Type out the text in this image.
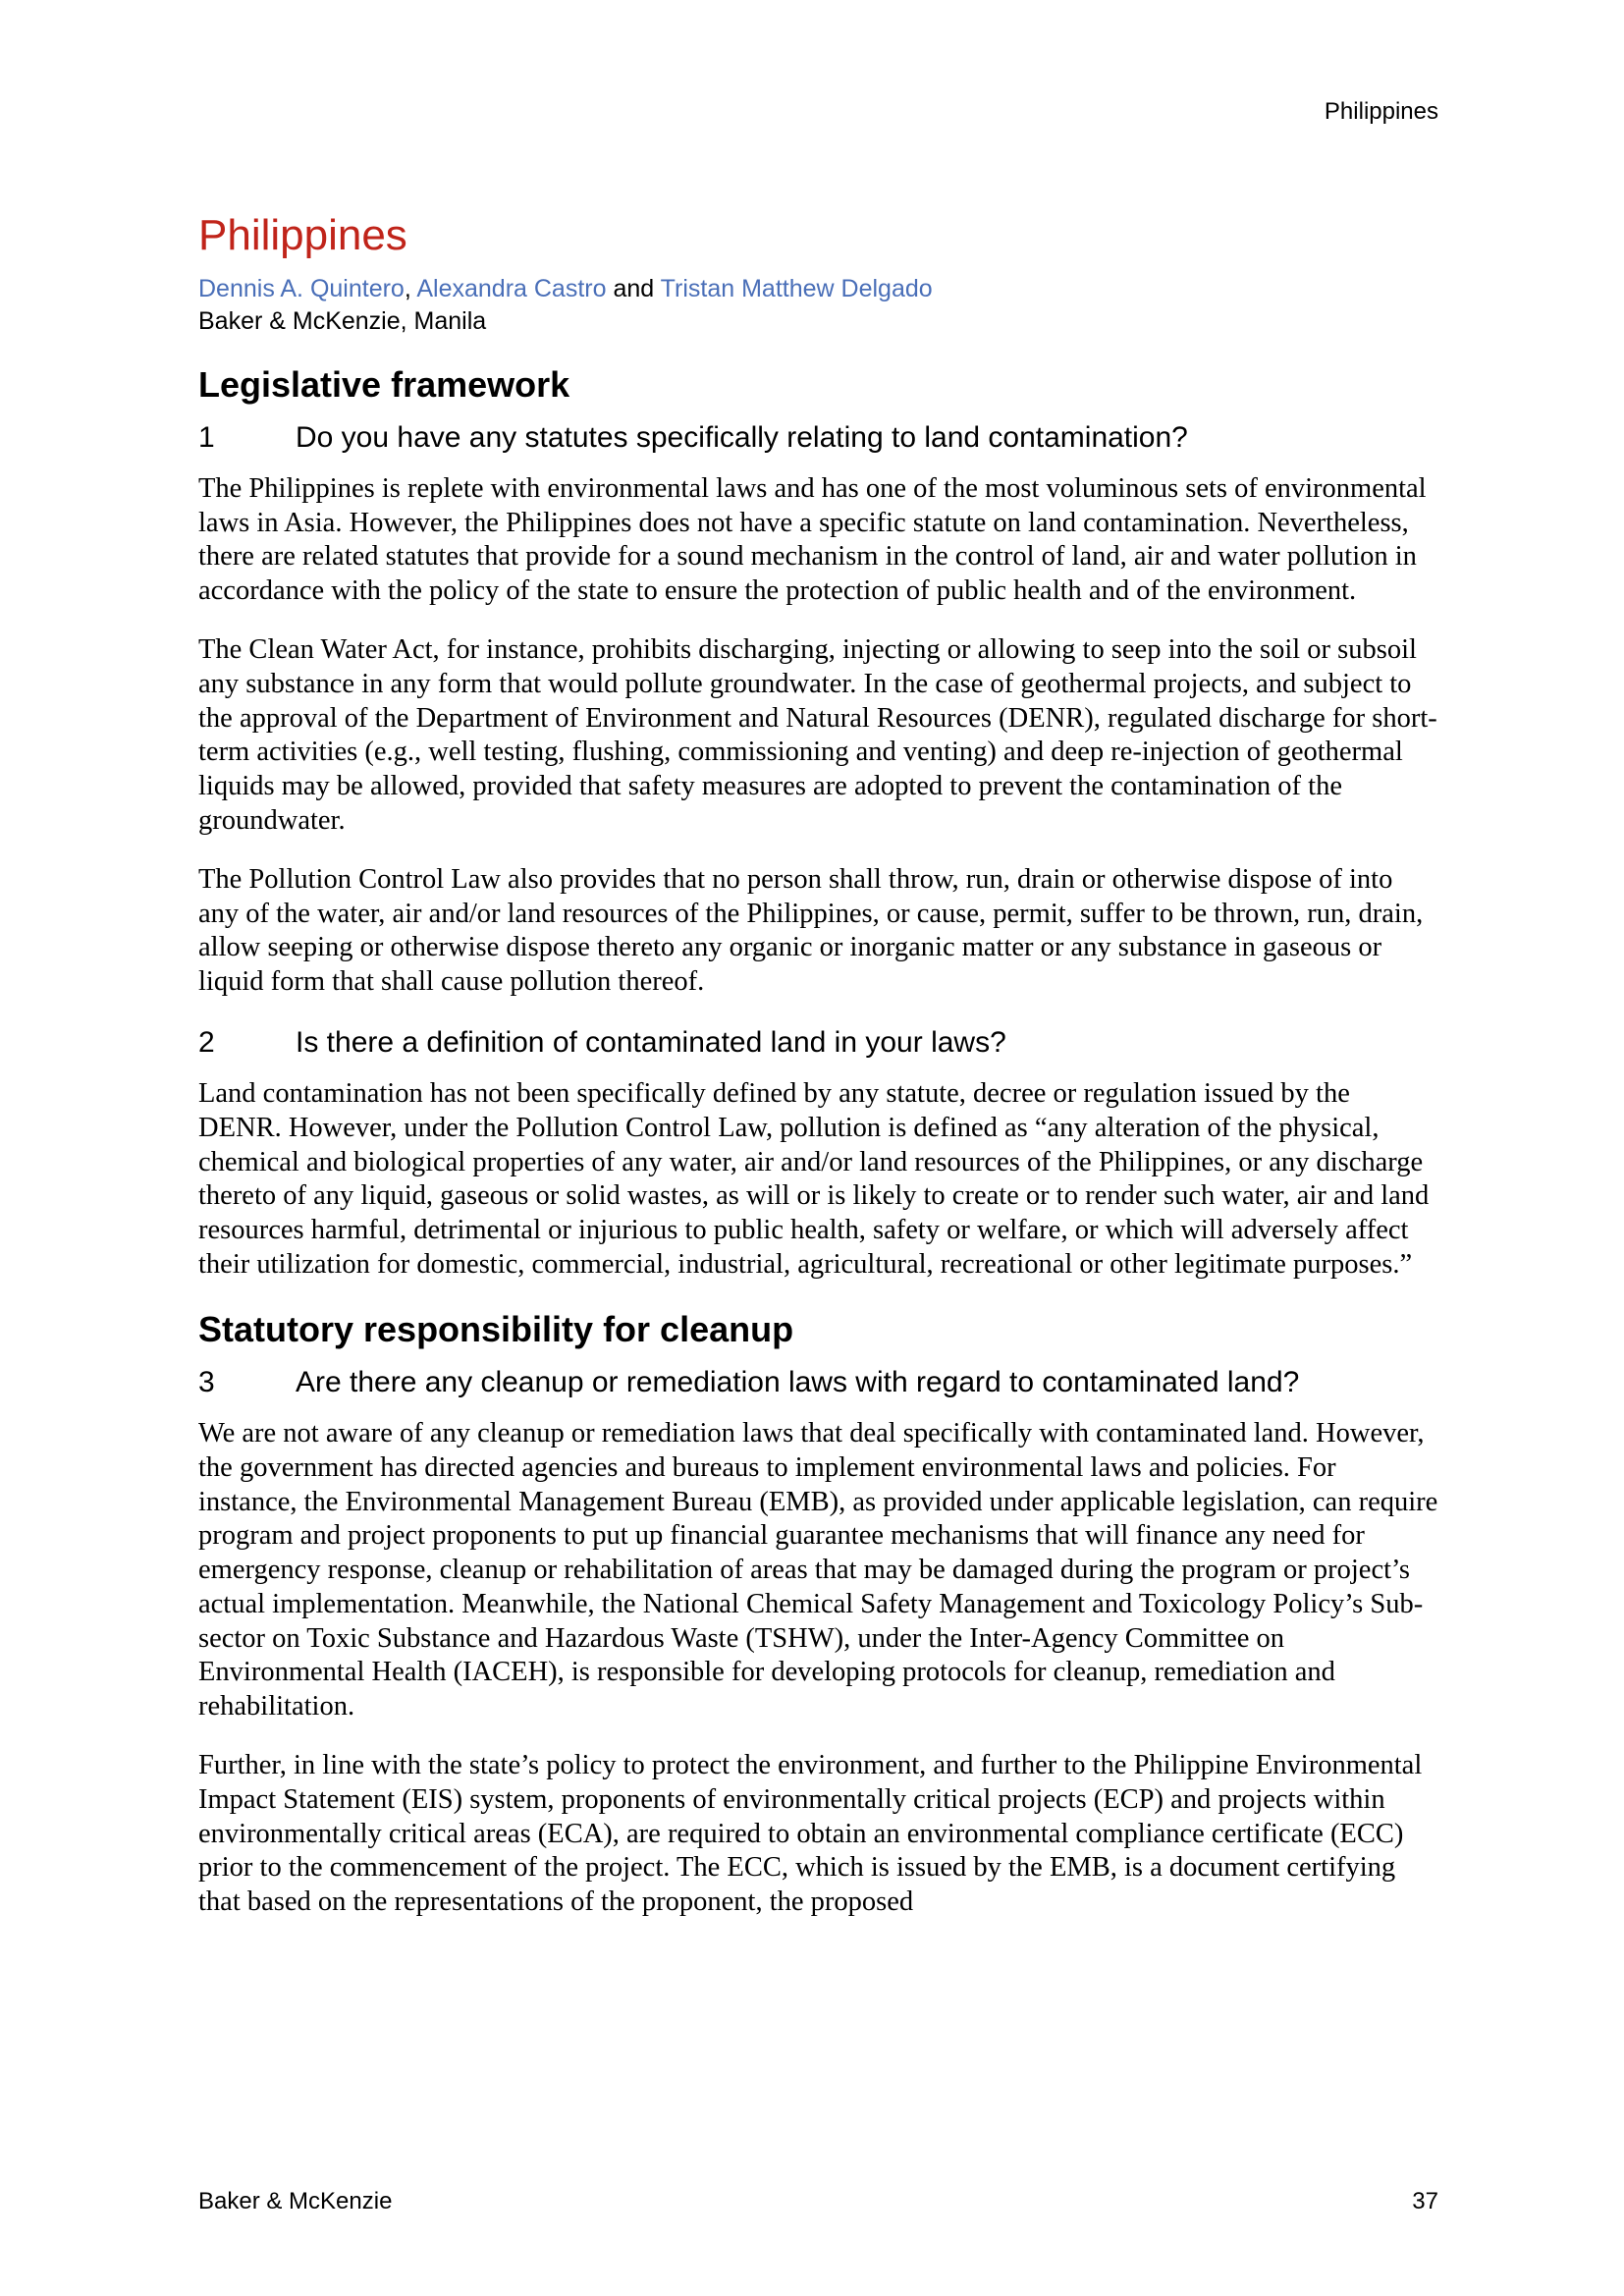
Philippines
Philippines
Dennis A. Quintero, Alexandra Castro and Tristan Matthew Delgado
Baker & McKenzie, Manila
Legislative framework
1	Do you have any statutes specifically relating to land contamination?

The Philippines is replete with environmental laws and has one of the most voluminous sets of environmental laws in Asia. However, the Philippines does not have a specific statute on land contamination. Nevertheless, there are related statutes that provide for a sound mechanism in the control of land, air and water pollution in accordance with the policy of the state to ensure the protection of public health and of the environment.

The Clean Water Act, for instance, prohibits discharging, injecting or allowing to seep into the soil or subsoil any substance in any form that would pollute groundwater. In the case of geothermal projects, and subject to the approval of the Department of Environment and Natural Resources (DENR), regulated discharge for short-term activities (e.g., well testing, flushing, commissioning and venting) and deep re-injection of geothermal liquids may be allowed, provided that safety measures are adopted to prevent the contamination of the groundwater.

The Pollution Control Law also provides that no person shall throw, run, drain or otherwise dispose of into any of the water, air and/or land resources of the Philippines, or cause, permit, suffer to be thrown, run, drain, allow seeping or otherwise dispose thereto any organic or inorganic matter or any substance in gaseous or liquid form that shall cause pollution thereof.

2	Is there a definition of contaminated land in your laws?

Land contamination has not been specifically defined by any statute, decree or regulation issued by the DENR. However, under the Pollution Control Law, pollution is defined as “any alteration of the physical, chemical and biological properties of any water, air and/or land resources of the Philippines, or any discharge thereto of any liquid, gaseous or solid wastes, as will or is likely to create or to render such water, air and land resources harmful, detrimental or injurious to public health, safety or welfare, or which will adversely affect their utilization for domestic, commercial, industrial, agricultural, recreational or other legitimate purposes.”

Statutory responsibility for cleanup
3	Are there any cleanup or remediation laws with regard to contaminated land?

We are not aware of any cleanup or remediation laws that deal specifically with contaminated land. However, the government has directed agencies and bureaus to implement environmental laws and policies. For instance, the Environmental Management Bureau (EMB), as provided under applicable legislation, can require program and project proponents to put up financial guarantee mechanisms that will finance any need for emergency response, cleanup or rehabilitation of areas that may be damaged during the program or project’s actual implementation. Meanwhile, the National Chemical Safety Management and Toxicology Policy’s Sub-sector on Toxic Substance and Hazardous Waste (TSHW), under the Inter-Agency Committee on Environmental Health (IACEH), is responsible for developing protocols for cleanup, remediation and rehabilitation.

Further, in line with the state’s policy to protect the environment, and further to the Philippine Environmental Impact Statement (EIS) system, proponents of environmentally critical projects (ECP) and projects within environmentally critical areas (ECA), are required to obtain an environmental compliance certificate (ECC) prior to the commencement of the project. The ECC, which is issued by the EMB, is a document certifying that based on the representations of the proponent, the proposed

Baker & McKenzie	37
